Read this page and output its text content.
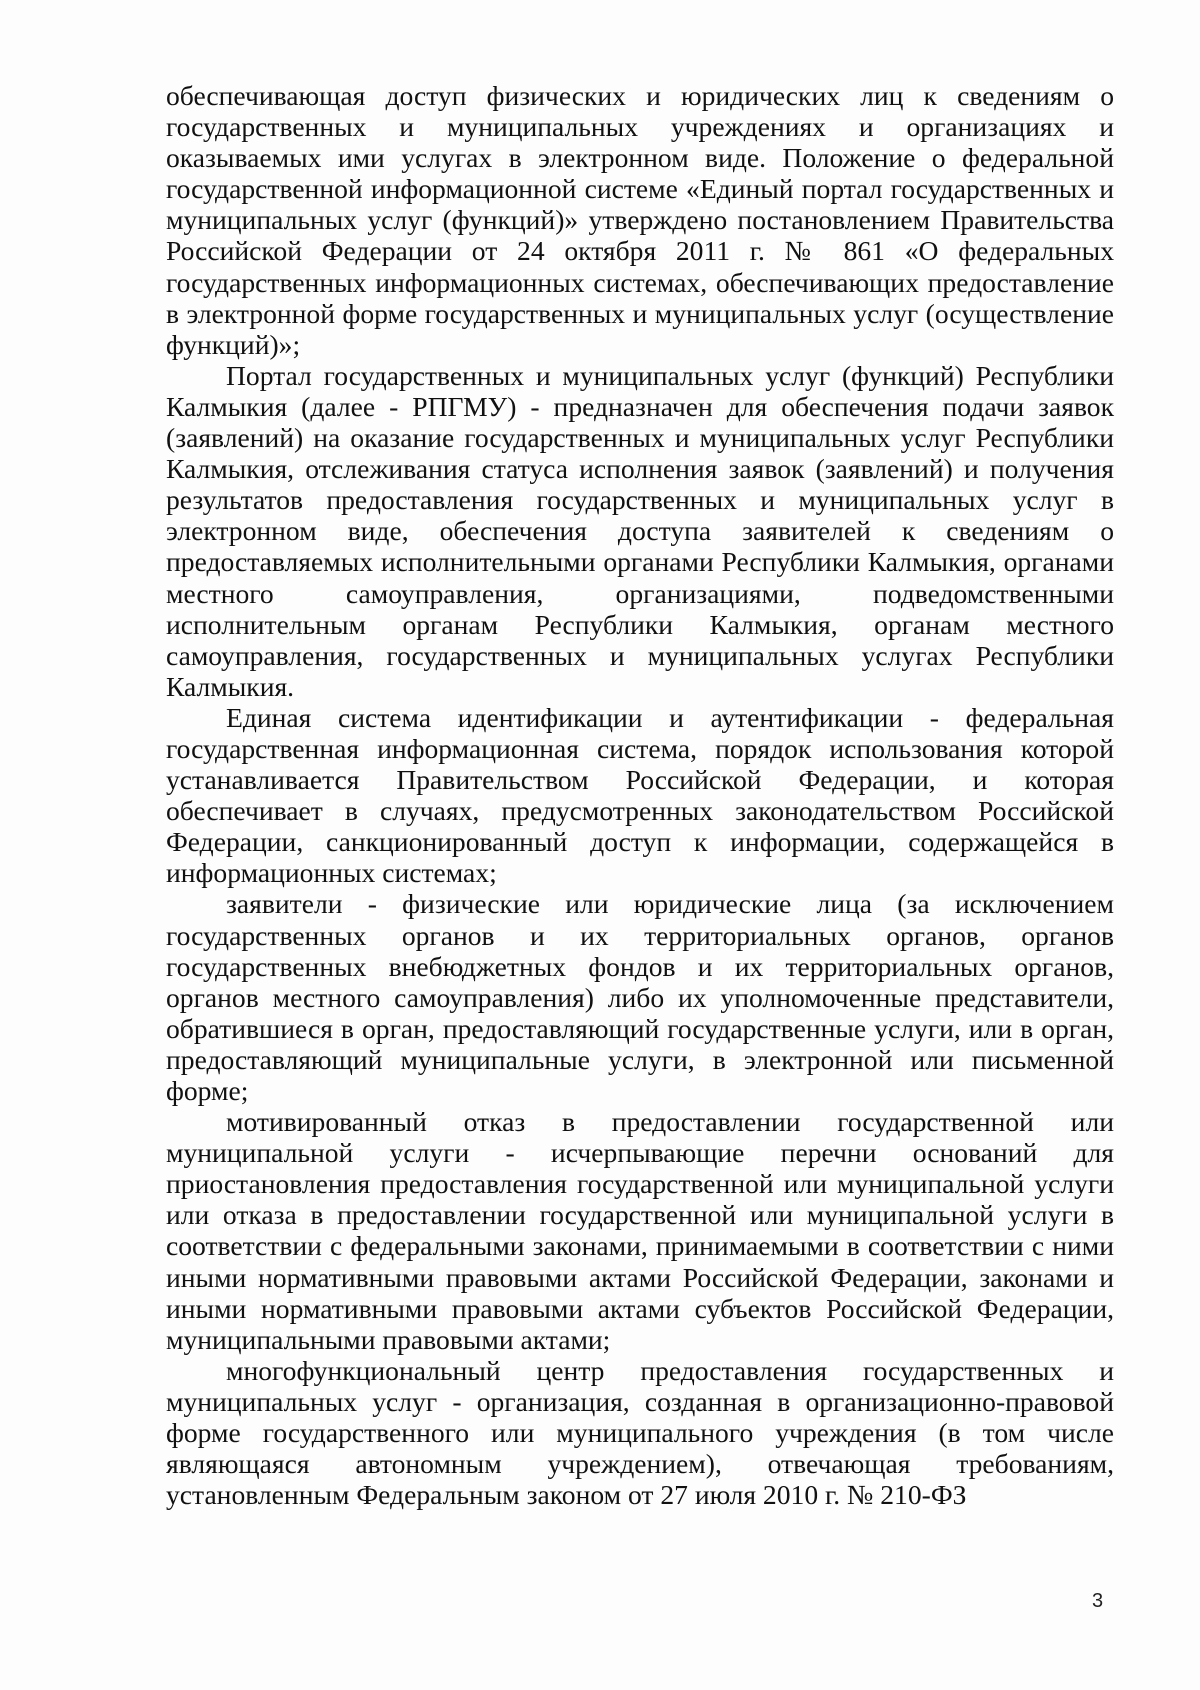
обеспечивающая доступ физических и юридических лиц к сведениям о государственных и муниципальных учреждениях и организациях и оказываемых ими услугах в электронном виде. Положение о федеральной государственной информационной системе «Единый портал государственных и муниципальных услуг (функций)» утверждено постановлением Правительства Российской Федерации от 24 октября 2011 г. № 861 «О федеральных государственных информационных системах, обеспечивающих предоставление в электронной форме государственных и муниципальных услуг (осуществление функций)»;

Портал государственных и муниципальных услуг (функций) Республики Калмыкия (далее - РПГМУ) - предназначен для обеспечения подачи заявок (заявлений) на оказание государственных и муниципальных услуг Республики Калмыкия, отслеживания статуса исполнения заявок (заявлений) и получения результатов предоставления государственных и муниципальных услуг в электронном виде, обеспечения доступа заявителей к сведениям о предоставляемых исполнительными органами Республики Калмыкия, органами местного самоуправления, организациями, подведомственными исполнительным органам Республики Калмыкия, органам местного самоуправления, государственных и муниципальных услугах Республики Калмыкия.

Единая система идентификации и аутентификации - федеральная государственная информационная система, порядок использования которой устанавливается Правительством Российской Федерации, и которая обеспечивает в случаях, предусмотренных законодательством Российской Федерации, санкционированный доступ к информации, содержащейся в информационных системах;

заявители - физические или юридические лица (за исключением государственных органов и их территориальных органов, органов государственных внебюджетных фондов и их территориальных органов, органов местного самоуправления) либо их уполномоченные представители, обратившиеся в орган, предоставляющий государственные услуги, или в орган, предоставляющий муниципальные услуги, в электронной или письменной форме;

мотивированный отказ в предоставлении государственной или муниципальной услуги - исчерпывающие перечни оснований для приостановления предоставления государственной или муниципальной услуги или отказа в предоставлении государственной или муниципальной услуги в соответствии с федеральными законами, принимаемыми в соответствии с ними иными нормативными правовыми актами Российской Федерации, законами и иными нормативными правовыми актами субъектов Российской Федерации, муниципальными правовыми актами;

многофункциональный центр предоставления государственных и муниципальных услуг - организация, созданная в организационно-правовой форме государственного или муниципального учреждения (в том числе являющаяся автономным учреждением), отвечающая требованиям, установленным Федеральным законом от 27 июля 2010 г. № 210-ФЗ

3
